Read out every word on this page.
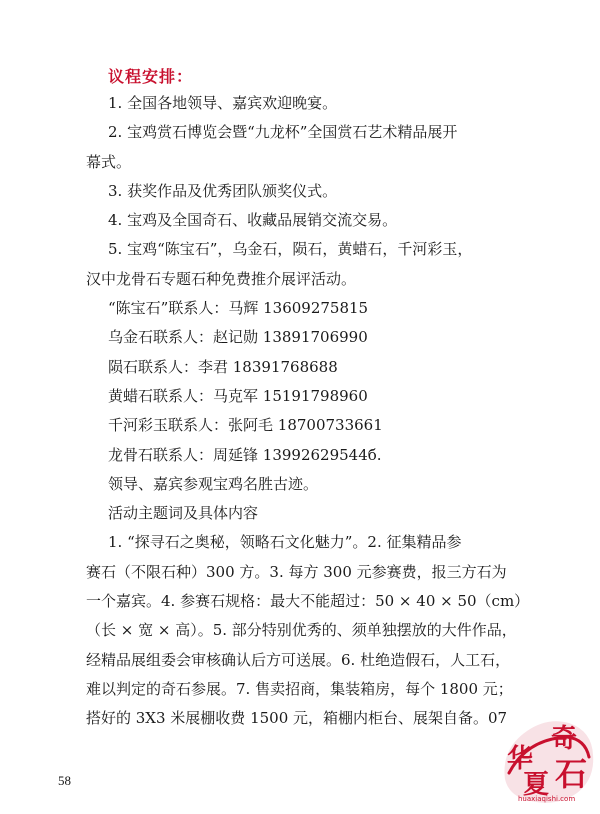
议程安排：
1. 全国各地领导、嘉宾欢迎晚宴。
2. 宝鸡赏石博览会暨“九龙杯”全国赏石艺术精品展开
幕式。
3. 获奖作品及优秀团队颁奖仪式。
4. 宝鸡及全国奇石、收藏品展销交流交易。
5. 宝鸡“陈宝石”，乌金石，陨石，黄蜡石，千河彩玉，
汉中龙骨石专题石种免费推介展评活动。
“陈宝石”联系人：马辉 13609275815
乌金石联系人：赵记勋 13891706990
陨石联系人：李君 18391768688
黄蜡石联系人：马克军 15191798960
千河彩玉联系人：张阿毛 18700733661
龙骨石联系人：周延锋 13992629544б.
领导、嘉宾参观宝鸡名胜古迹。
活动主题词及具体内容
1. “探寻石之奥秘，领略石文化魅力”。2. 征集精品参
赛石（不限石种）300 方。3. 每方 300 元参赛费，报三方石为
一个嘉宾。4. 参赛石规格：最大不能超过：50 × 40 × 50（cm）
（长 × 宽 × 高）。5. 部分特别优秀的、须单独摆放的大件作品，
经精品展组委会审核确认后方可送展。6. 杜绝造假石，人工石，
难以判定的奇石参展。7. 售卖招商，集装箱房，每个 1800 元；
搭好的 3X3 米展棚收费 1500 元，箱棚内柜台、展架自备。07
58
奇
石
华
夏
huaxiaqishi.com
